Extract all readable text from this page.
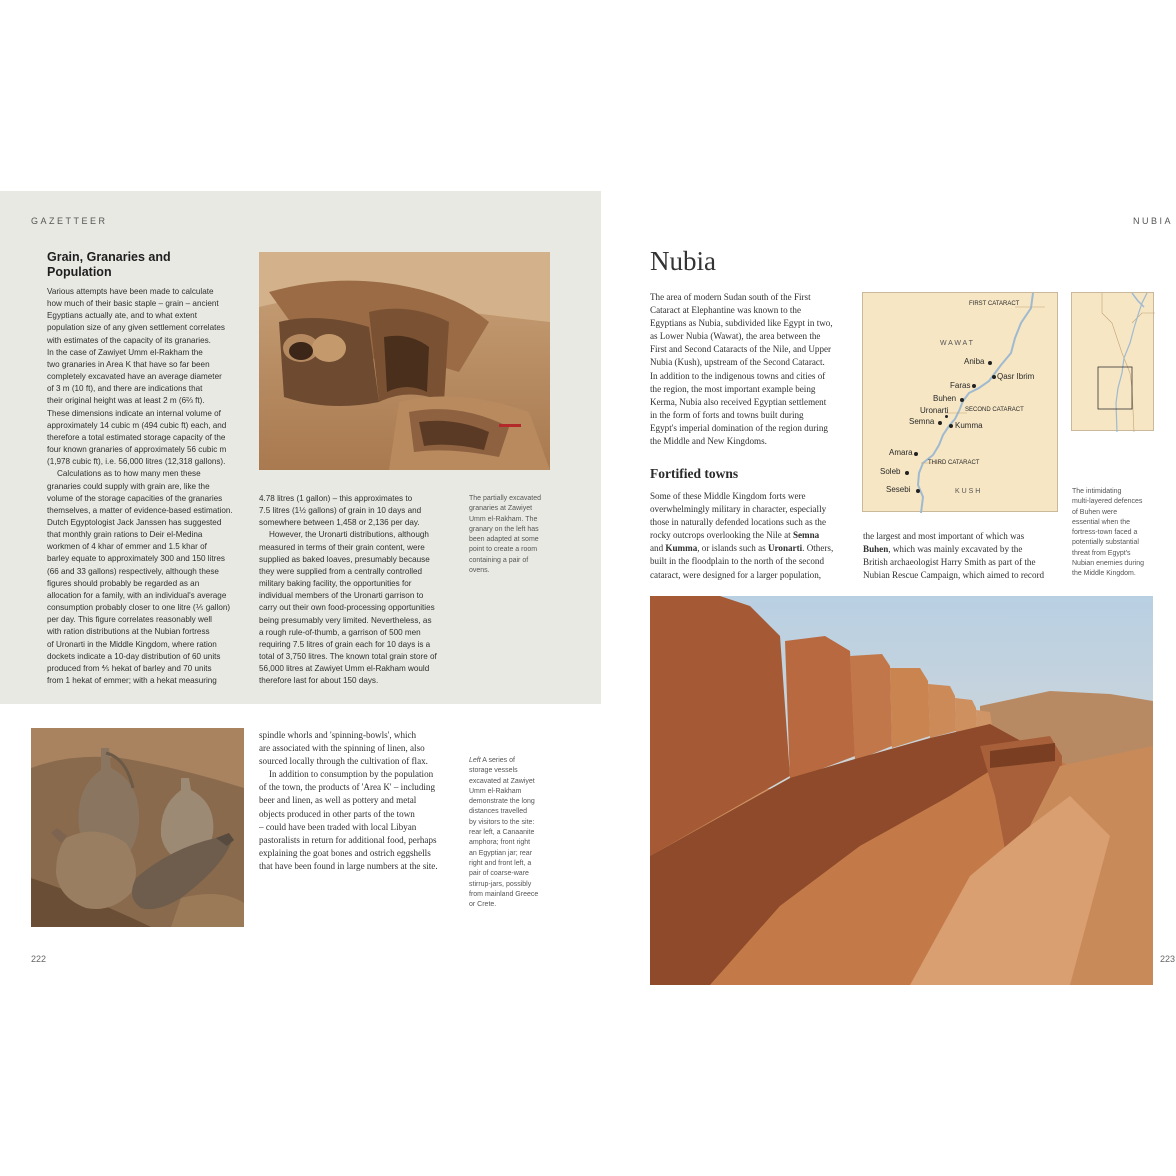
GAZETTEER
Grain, Granaries and
Population

Various attempts have been made to calculate

how much of their basic staple – grain – ancient

Egyptians actually ate, and to what extent

population size of any given settlement correlates

with estimates of the capacity of its granaries.

In the case of Zawiyet Umm el-Rakham the

two granaries in Area K that have so far been

completely excavated have an average diameter

of 3 m (10 ft), and there are indications that

their original height was at least 2 m (6⅔ ft).

These dimensions indicate an internal volume of

approximately 14 cubic m (494 cubic ft) each, and

therefore a total estimated storage capacity of the

four known granaries of approximately 56 cubic m

(1,978 cubic ft), i.e. 56,000 litres (12,318 gallons).

Calculations as to how many men these

granaries could supply with grain are, like the

volume of the storage capacities of the granaries

themselves, a matter of evidence-based estimation.

Dutch Egyptologist Jack Janssen has suggested

that monthly grain rations to Deir el-Medina

workmen of 4 khar of emmer and 1.5 khar of

barley equate to approximately 300 and 150 litres

(66 and 33 gallons) respectively, although these

figures should probably be regarded as an

allocation for a family, with an individual's average

consumption probably closer to one litre (⅕ gallon)

per day. This figure correlates reasonably well

with ration distributions at the Nubian fortress

of Uronarti in the Middle Kingdom, where ration

dockets indicate a 10-day distribution of 60 units

produced from ⅘ hekat of barley and 70 units

from 1 hekat of emmer; with a hekat measuring

4.78 litres (1 gallon) – this approximates to

7.5 litres (1½ gallons) of grain in 10 days and

somewhere between 1,458 or 2,136 per day.

However, the Uronarti distributions, although

measured in terms of their grain content, were

supplied as baked loaves, presumably because

they were supplied from a centrally controlled

military baking facility, the opportunities for

individual members of the Uronarti garrison to

carry out their own food-processing opportunities

being presumably very limited. Nevertheless, as

a rough rule-of-thumb, a garrison of 500 men

requiring 7.5 litres of grain each for 10 days is a

total of 3,750 litres. The known total grain store of

56,000 litres at Zawiyet Umm el-Rakham would

therefore last for about 150 days.

The partially excavated
granaries at Zawiyet
Umm el-Rakham. The
granary on the left has
been adapted at some
point to create a room
containing a pair of
ovens.

spindle whorls and 'spinning-bowls', which

are associated with the spinning of linen, also

sourced locally through the cultivation of flax.

In addition to consumption by the population

of the town, the products of 'Area K' – including

beer and linen, as well as pottery and metal

objects produced in other parts of the town

– could have been traded with local Libyan

pastoralists in return for additional food, perhaps

explaining the goat bones and ostrich eggshells

that have been found in large numbers at the site.

Left A series of
storage vessels
excavated at Zawiyet
Umm el-Rakham
demonstrate the long
distances travelled
by visitors to the site:
rear left, a Canaanite
amphora; front right
an Egyptian jar; rear
right and front left, a
pair of coarse-ware
stirrup-jars, possibly
from mainland Greece
or Crete.
222
NUBIA
Nubia

The area of modern Sudan south of the First

Cataract at Elephantine was known to the

Egyptians as Nubia, subdivided like Egypt in two,

as Lower Nubia (Wawat), the area between the

First and Second Cataracts of the Nile, and Upper

Nubia (Kush), upstream of the Second Cataract.

In addition to the indigenous towns and cities of

the region, the most important example being

Kerma, Nubia also received Egyptian settlement

in the form of forts and towns built during

Egypt's imperial domination of the region during

the Middle and New Kingdoms.

Fortified towns

Some of these Middle Kingdom forts were

overwhelmingly military in character, especially

those in naturally defended locations such as the

rocky outcrops overlooking the Nile at Semna

and Kumma, or islands such as Uronarti. Others,

built in the floodplain to the north of the second

cataract, were designed for a larger population,

the largest and most important of which was

Buhen, which was mainly excavated by the

British archaeologist Harry Smith as part of the

Nubian Rescue Campaign, which aimed to record

FIRST CATARACT
W A W A T
Aniba
Qasr Ibrim
Faras
Buhen
Uronarti	SECOND CATARACT
Semna	Kumma
Amara
THIRD CATARACT
Soleb
Sesebi	K U S H	The intimidating
multi-layered defences
of Buhen were
essential when the
fortress-town faced a
potentially substantial
threat from Egypt's
Nubian enemies during
the Middle Kingdom.
223
